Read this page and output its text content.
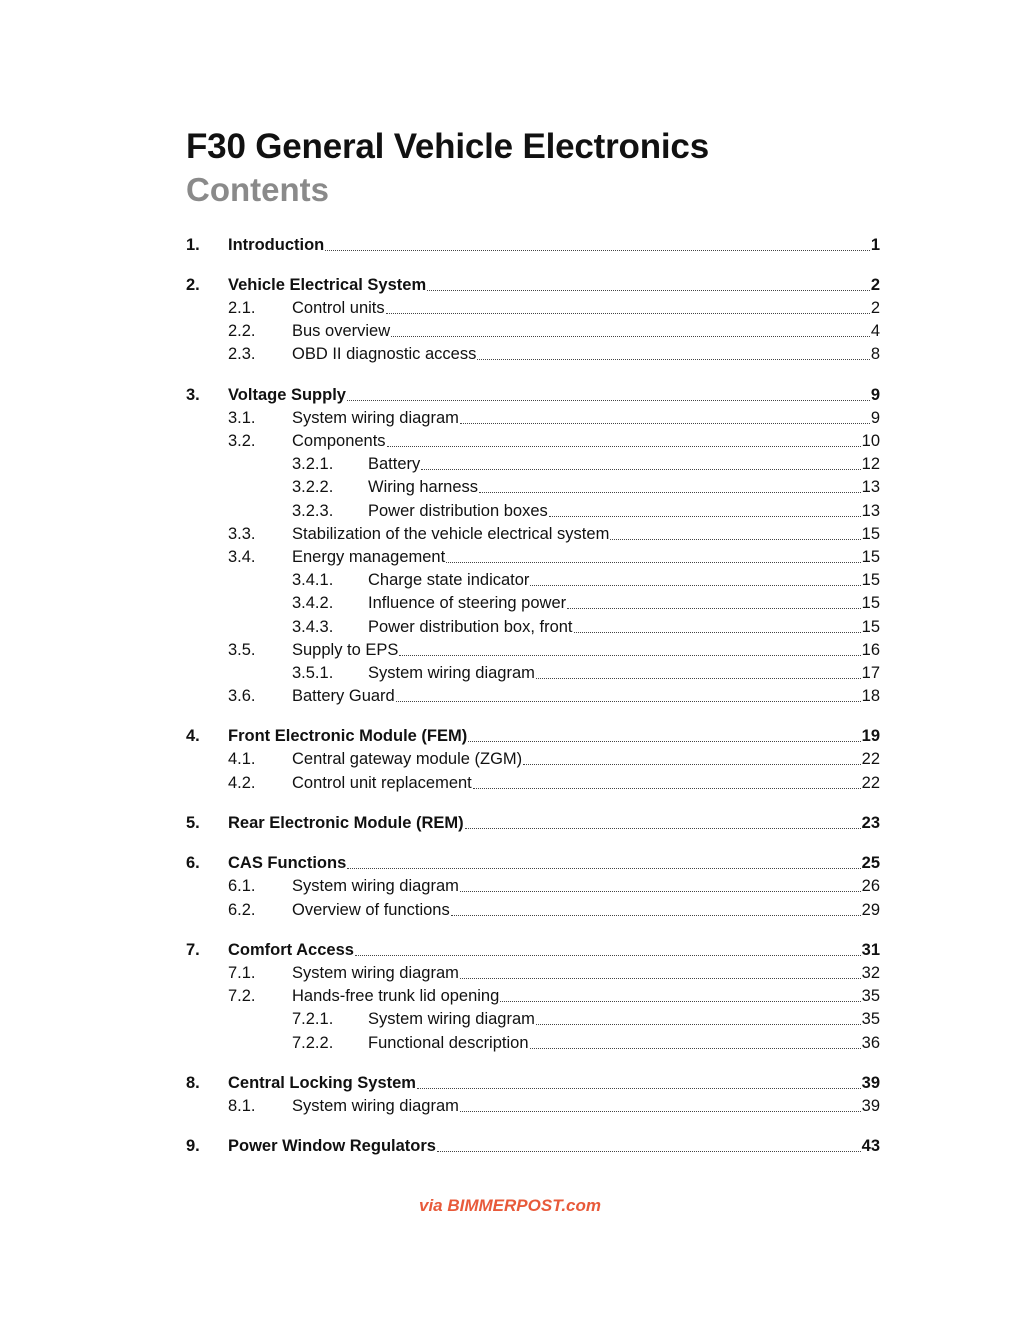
F30 General Vehicle Electronics
Contents
1. Introduction	1
2. Vehicle Electrical System	2
2.1. Control units	2
2.2. Bus overview	4
2.3. OBD II diagnostic access	8
3. Voltage Supply	9
3.1. System wiring diagram	9
3.2. Components	10
3.2.1. Battery	12
3.2.2. Wiring harness	13
3.2.3. Power distribution boxes	13
3.3. Stabilization of the vehicle electrical system	15
3.4. Energy management	15
3.4.1. Charge state indicator	15
3.4.2. Influence of steering power	15
3.4.3. Power distribution box, front	15
3.5. Supply to EPS	16
3.5.1. System wiring diagram	17
3.6. Battery Guard	18
4. Front Electronic Module (FEM)	19
4.1. Central gateway module (ZGM)	22
4.2. Control unit replacement	22
5. Rear Electronic Module (REM)	23
6. CAS Functions	25
6.1. System wiring diagram	26
6.2. Overview of functions	29
7. Comfort Access	31
7.1. System wiring diagram	32
7.2. Hands-free trunk lid opening	35
7.2.1. System wiring diagram	35
7.2.2. Functional description	36
8. Central Locking System	39
8.1. System wiring diagram	39
9. Power Window Regulators	43
via BIMMERPOST.com
